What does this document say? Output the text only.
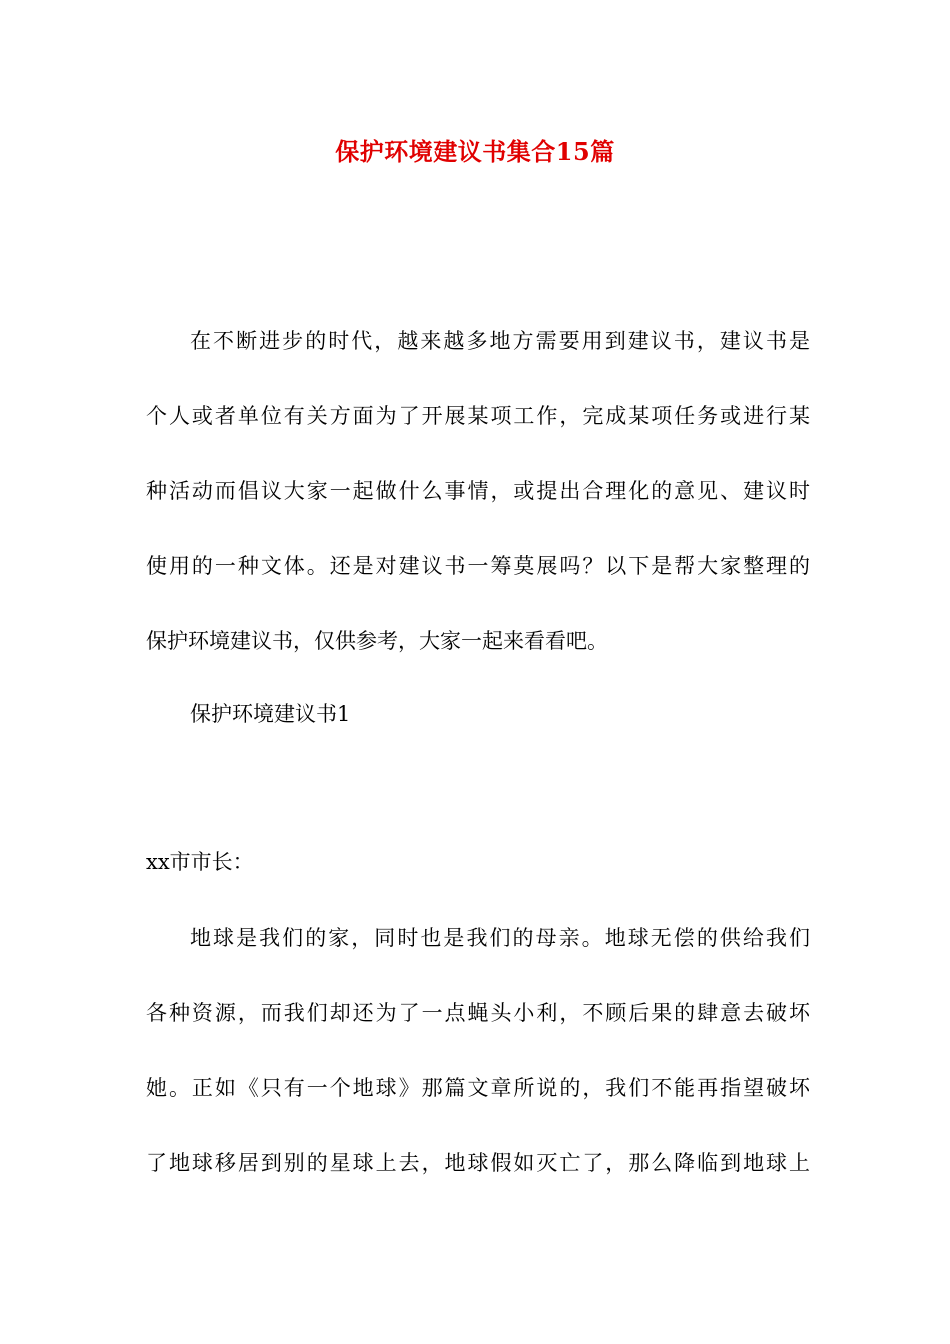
保护环境建议书集合15篇
在不断进步的时代，越来越多地方需要用到建议书，建议书是
个人或者单位有关方面为了开展某项工作，完成某项任务或进行某
种活动而倡议大家一起做什么事情，或提出合理化的意见、建议时
使用的一种文体。还是对建议书一筹莫展吗？以下是帮大家整理的
保护环境建议书，仅供参考，大家一起来看看吧。
保护环境建议书1
xx市市长：
地球是我们的家，同时也是我们的母亲。地球无偿的供给我们
各种资源，而我们却还为了一点蝇头小利，不顾后果的肆意去破坏
她。正如《只有一个地球》那篇文章所说的，我们不能再指望破坏
了地球移居到别的星球上去，地球假如灭亡了，那么降临到地球上
